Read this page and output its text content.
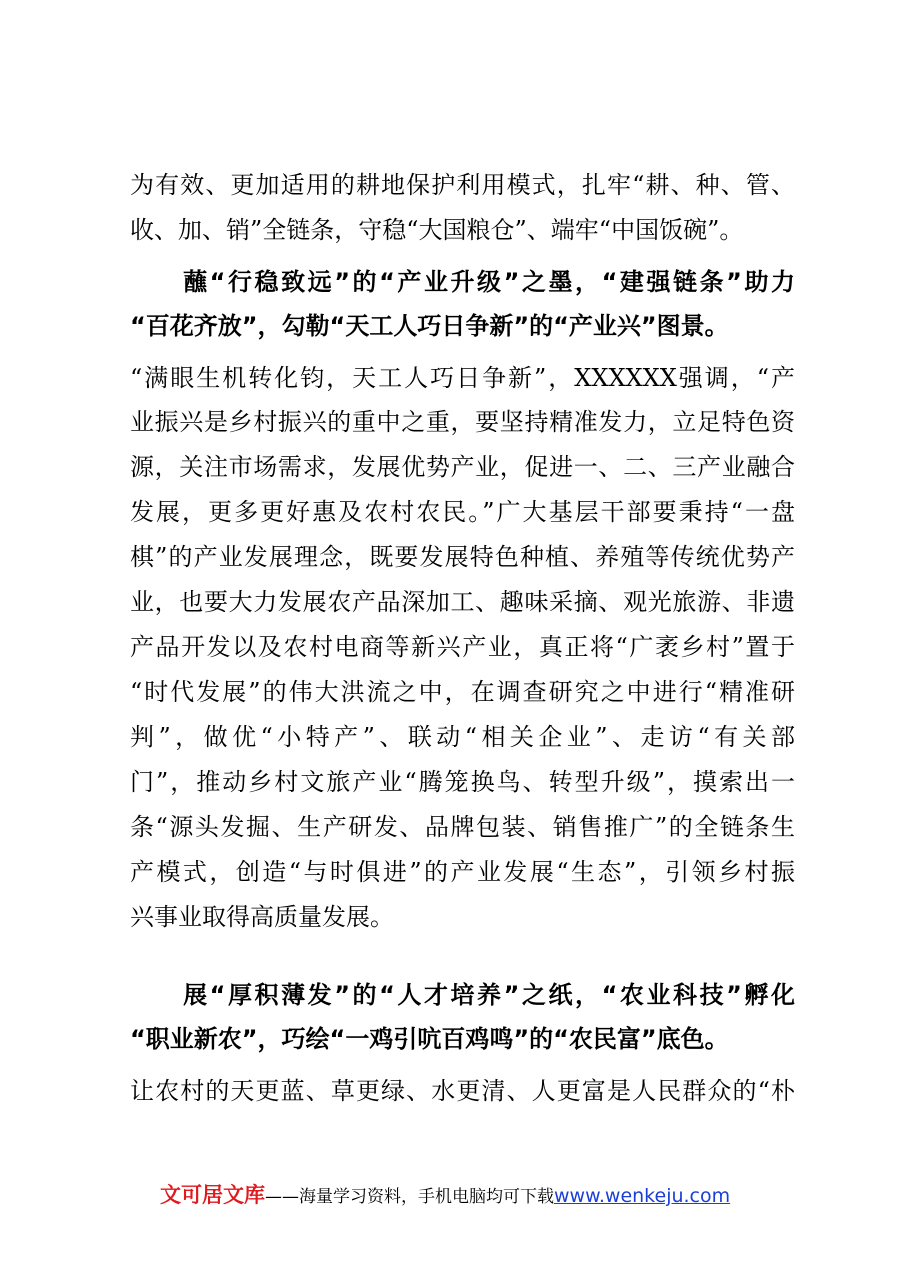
为有效、更加适用的耕地保护利用模式，扎牢“耕、种、管、
收、加、销”全链条，守稳“大国粮仓”、端牢“中国饭碗”。
　　蘸“行稳致远”的“产业升级”之墨，“建强链条”助力
“百花齐放”，勾勒“天工人巧日争新”的“产业兴”图景。
“满眼生机转化钧，天工人巧日争新”，XXXXXX强调，“产
业振兴是乡村振兴的重中之重，要坚持精准发力，立足特色资
源，关注市场需求，发展优势产业，促进一、二、三产业融合
发展，更多更好惠及农村农民。”广大基层干部要秉持“一盘
棋”的产业发展理念，既要发展特色种植、养殖等传统优势产
业，也要大力发展农产品深加工、趣味采摘、观光旅游、非遗
产品开发以及农村电商等新兴产业，真正将“广袤乡村”置于
“时代发展”的伟大洪流之中，在调查研究之中进行“精准研
判”，做优“小特产”、联动“相关企业”、走访“有关部
门”，推动乡村文旅产业“腾笼换鸟、转型升级”，摸索出一
条“源头发掘、生产研发、品牌包装、销售推广”的全链条生
产模式，创造“与时俱进”的产业发展“生态”，引领乡村振
兴事业取得高质量发展。
　　展“厚积薄发”的“人才培养”之纸，“农业科技”孵化
“职业新农”，巧绘“一鸡引吭百鸡鸣”的“农民富”底色。
让农村的天更蓝、草更绿、水更清、人更富是人民群众的“朴
文可居文库——海量学习资料，手机电脑均可下载www.wenkeju.com
